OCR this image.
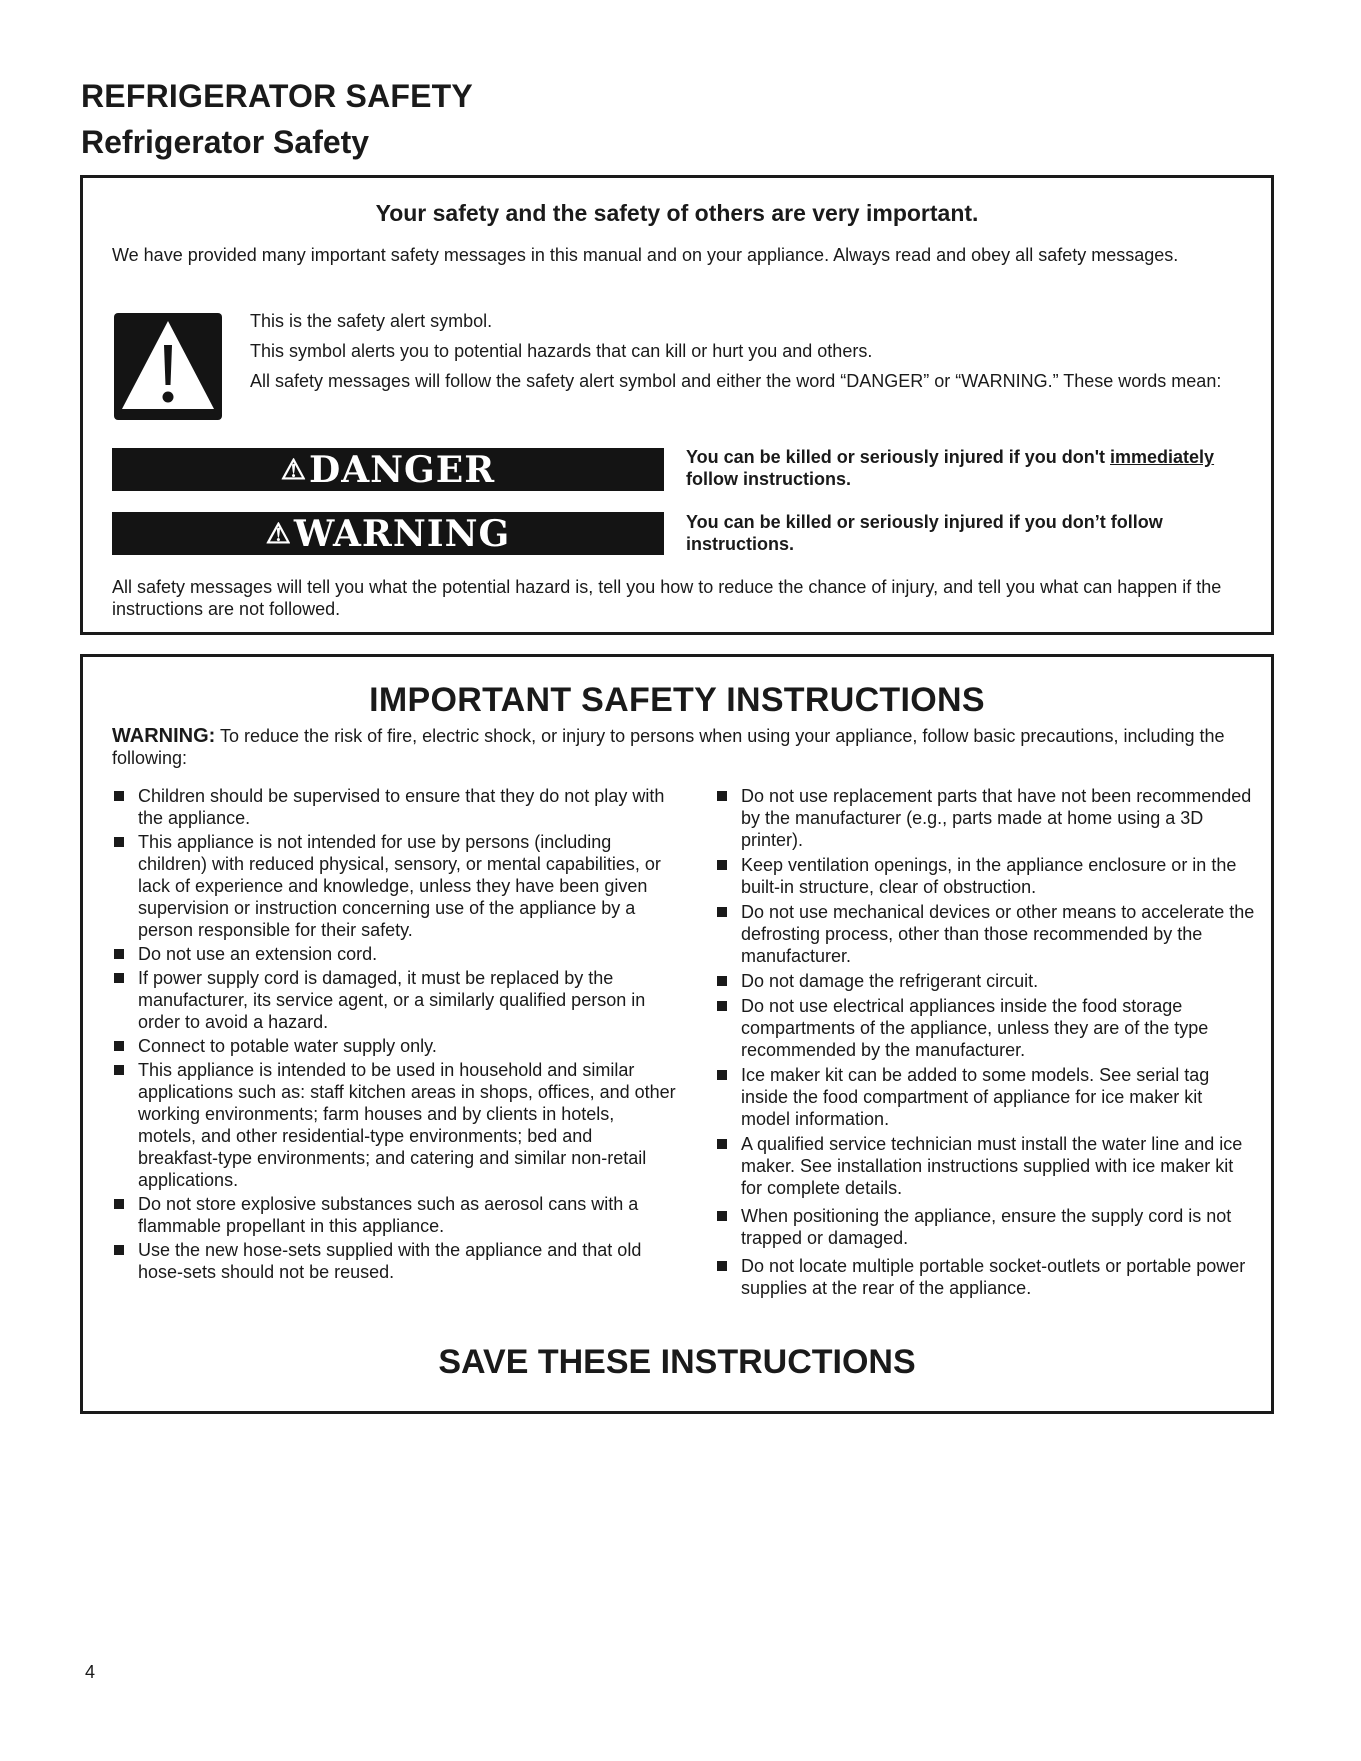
REFRIGERATOR SAFETY
Refrigerator Safety

Your safety and the safety of others are very important.

We have provided many important safety messages in this manual and on your appliance. Always read and obey all safety messages.

This is the safety alert symbol.

This symbol alerts you to potential hazards that can kill or hurt you and others.

All safety messages will follow the safety alert symbol and either the word “DANGER” or “WARNING.” These words mean:

⚠ DANGER	You can be killed or seriously injured if you don't immediately follow instructions.

⚠ WARNING	You can be killed or seriously injured if you don’t follow instructions.

All safety messages will tell you what the potential hazard is, tell you how to reduce the chance of injury, and tell you what can happen if the instructions are not followed.

IMPORTANT SAFETY INSTRUCTIONS

WARNING: To reduce the risk of fire, electric shock, or injury to persons when using your appliance, follow basic precautions, including the following:

Children should be supervised to ensure that they do not play with the appliance.
This appliance is not intended for use by persons (including children) with reduced physical, sensory, or mental capabilities, or lack of experience and knowledge, unless they have been given supervision or instruction concerning use of the appliance by a person responsible for their safety.
Do not use an extension cord.
If power supply cord is damaged, it must be replaced by the manufacturer, its service agent, or a similarly qualified person in order to avoid a hazard.
Connect to potable water supply only.
This appliance is intended to be used in household and similar applications such as: staff kitchen areas in shops, offices, and other working environments; farm houses and by clients in hotels, motels, and other residential-type environments; bed and breakfast-type environments; and catering and similar non-retail applications.
Do not store explosive substances such as aerosol cans with a flammable propellant in this appliance.
Use the new hose-sets supplied with the appliance and that old hose-sets should not be reused.
Do not use replacement parts that have not been recommended by the manufacturer (e.g., parts made at home using a 3D printer).
Keep ventilation openings, in the appliance enclosure or in the built-in structure, clear of obstruction.
Do not use mechanical devices or other means to accelerate the defrosting process, other than those recommended by the manufacturer.
Do not damage the refrigerant circuit.
Do not use electrical appliances inside the food storage compartments of the appliance, unless they are of the type recommended by the manufacturer.
Ice maker kit can be added to some models. See serial tag inside the food compartment of appliance for ice maker kit model information.
A qualified service technician must install the water line and ice maker. See installation instructions supplied with ice maker kit for complete details.
When positioning the appliance, ensure the supply cord is not trapped or damaged.
Do not locate multiple portable socket-outlets or portable power supplies at the rear of the appliance.

SAVE THESE INSTRUCTIONS

4
